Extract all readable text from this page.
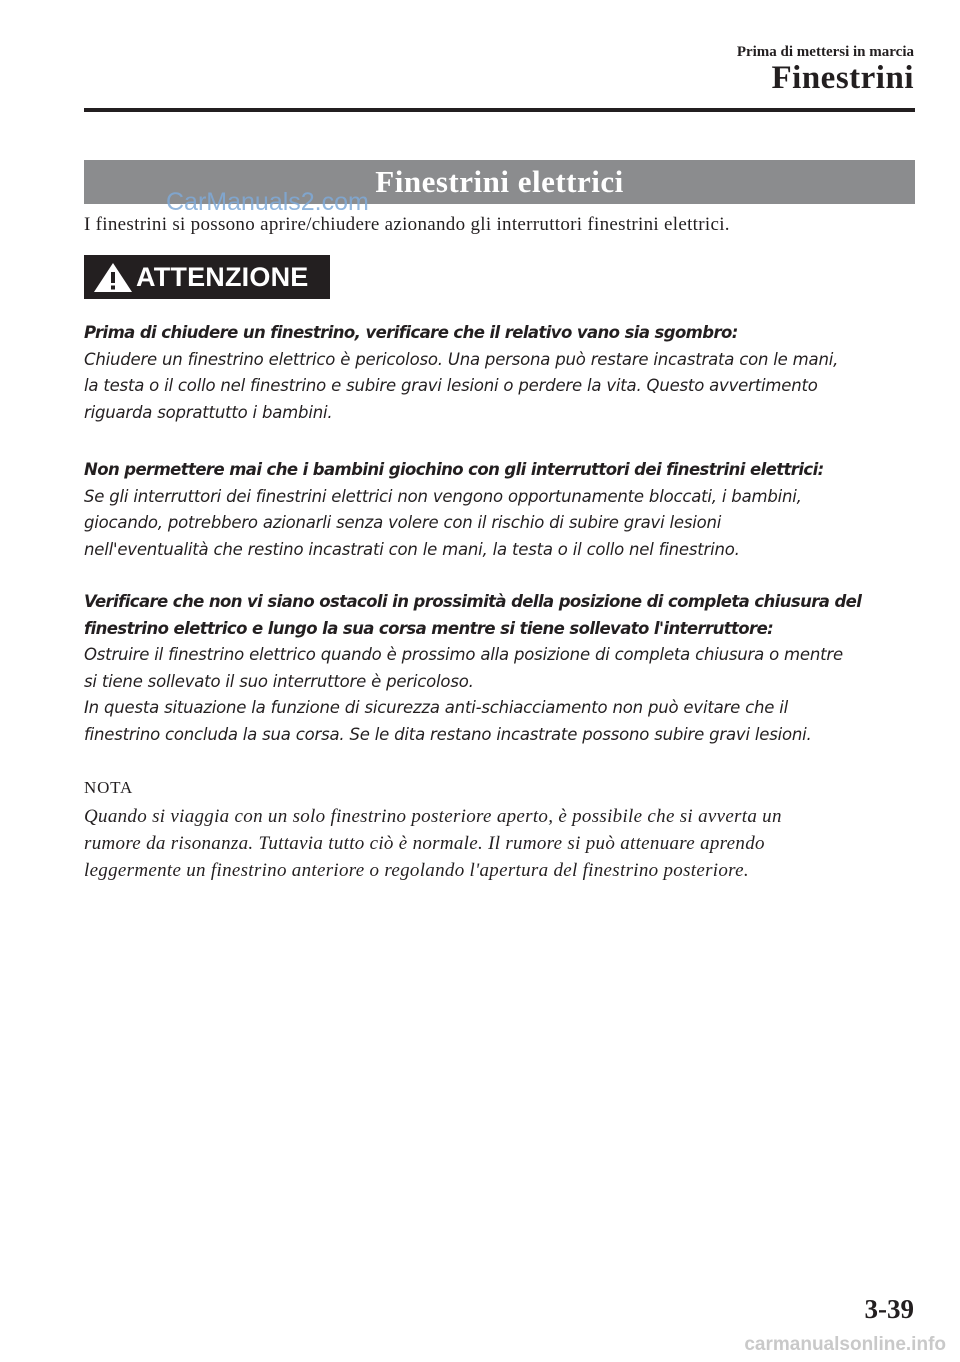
Prima di mettersi in marcia
Finestrini
Finestrini elettrici
CarManuals2.com
I finestrini si possono aprire/chiudere azionando gli interruttori finestrini elettrici.
ATTENZIONE
Prima di chiudere un finestrino, verificare che il relativo vano sia sgombro:
Chiudere un finestrino elettrico è pericoloso. Una persona può restare incastrata con le mani,
la testa o il collo nel finestrino e subire gravi lesioni o perdere la vita. Questo avvertimento
riguarda soprattutto i bambini.
Non permettere mai che i bambini giochino con gli interruttori dei finestrini elettrici:
Se gli interruttori dei finestrini elettrici non vengono opportunamente bloccati, i bambini,
giocando, potrebbero azionarli senza volere con il rischio di subire gravi lesioni
nell'eventualità che restino incastrati con le mani, la testa o il collo nel finestrino.
Verificare che non vi siano ostacoli in prossimità della posizione di completa chiusura del
finestrino elettrico e lungo la sua corsa mentre si tiene sollevato l'interruttore:
Ostruire il finestrino elettrico quando è prossimo alla posizione di completa chiusura o mentre
si tiene sollevato il suo interruttore è pericoloso.
In questa situazione la funzione di sicurezza anti-schiacciamento non può evitare che il
finestrino concluda la sua corsa. Se le dita restano incastrate possono subire gravi lesioni.
NOTA
Quando si viaggia con un solo finestrino posteriore aperto, è possibile che si avverta un
rumore da risonanza. Tuttavia tutto ciò è normale. Il rumore si può attenuare aprendo
leggermente un finestrino anteriore o regolando l'apertura del finestrino posteriore.
3-39
carmanualsonline.info
